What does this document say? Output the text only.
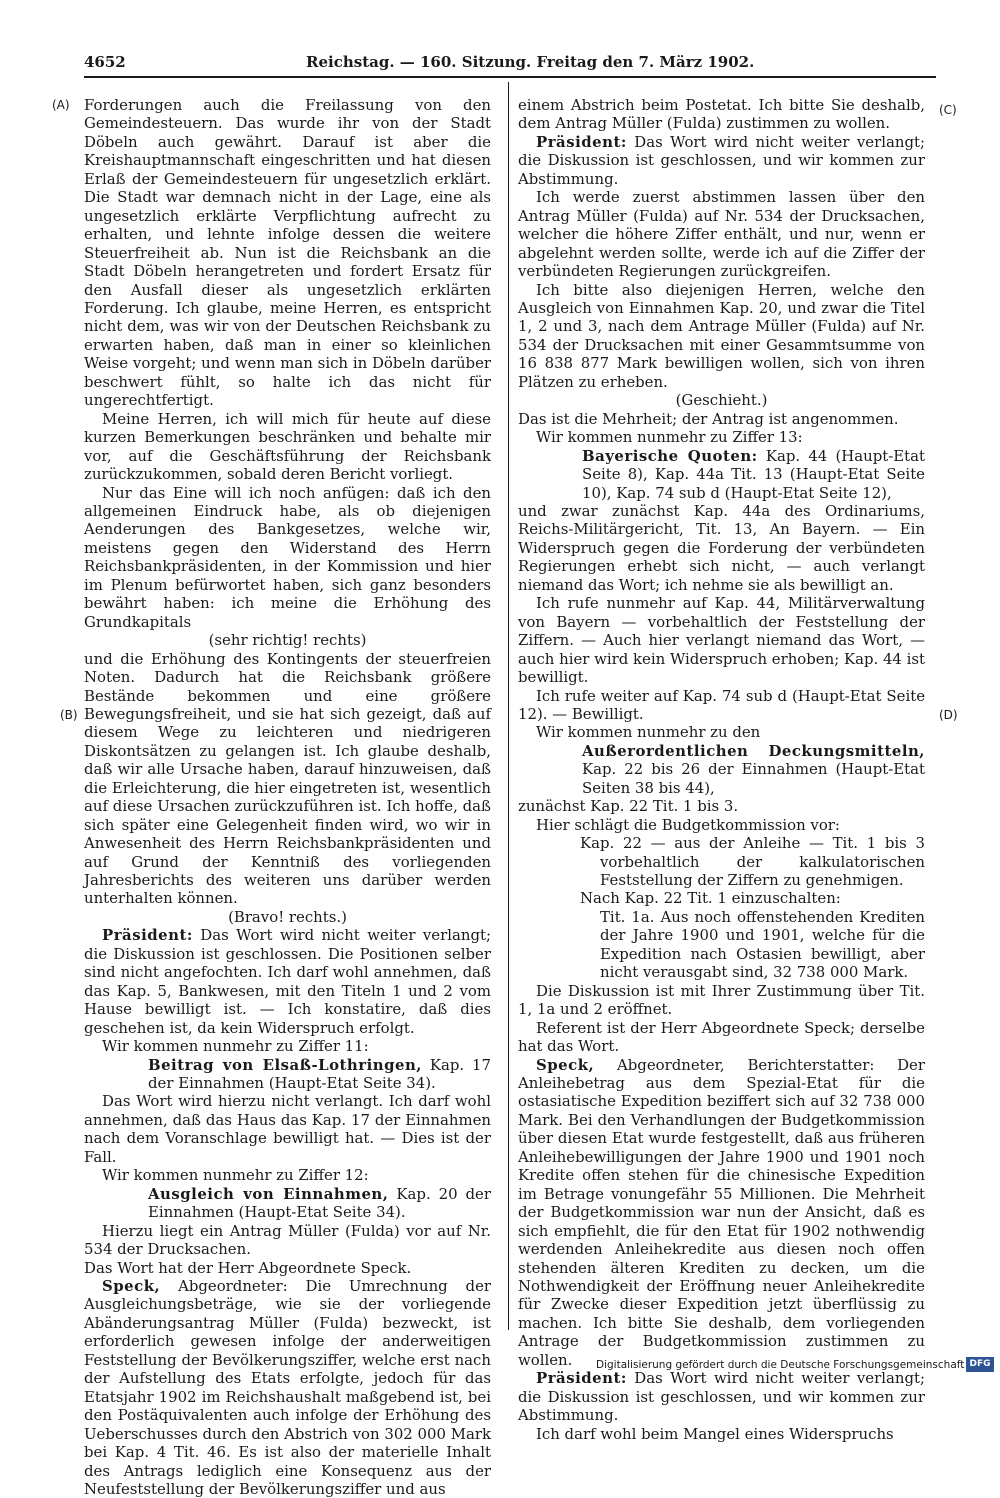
4652	Reichstag. — 160. Sitzung. Freitag den 7. März 1902.
(A)
(B)
(C)
(D)

Forderungen auch die Freilassung von den Gemeindesteuern. Das wurde ihr von der Stadt Döbeln auch gewährt. Darauf ist aber die Kreishauptmannschaft eingeschritten und hat diesen Erlaß der Gemeindesteuern für ungesetzlich erklärt. Die Stadt war demnach nicht in der Lage, eine als ungesetzlich erklärte Verpflichtung aufrecht zu erhalten, und lehnte infolge dessen die weitere Steuerfreiheit ab. Nun ist die Reichsbank an die Stadt Döbeln herangetreten und fordert Ersatz für den Ausfall dieser als ungesetzlich erklärten Forderung. Ich glaube, meine Herren, es entspricht nicht dem, was wir von der Deutschen Reichsbank zu erwarten haben, daß man in einer so kleinlichen Weise vorgeht; und wenn man sich in Döbeln darüber beschwert fühlt, so halte ich das nicht für ungerechtfertigt.

Meine Herren, ich will mich für heute auf diese kurzen Bemerkungen beschränken und behalte mir vor, auf die Geschäftsführung der Reichsbank zurückzukommen, sobald deren Bericht vorliegt.

Nur das Eine will ich noch anfügen: daß ich den allgemeinen Eindruck habe, als ob diejenigen Aenderungen des Bankgesetzes, welche wir, meistens gegen den Widerstand des Herrn Reichsbankpräsidenten, in der Kommission und hier im Plenum befürwortet haben, sich ganz besonders bewährt haben: ich meine die Erhöhung des Grundkapitals

(sehr richtig! rechts)

und die Erhöhung des Kontingents der steuerfreien Noten. Dadurch hat die Reichsbank größere Bestände bekommen und eine größere Bewegungsfreiheit, und sie hat sich gezeigt, daß auf diesem Wege zu leichteren und niedrigeren Diskontsätzen zu gelangen ist. Ich glaube deshalb, daß wir alle Ursache haben, darauf hinzuweisen, daß die Erleichterung, die hier eingetreten ist, wesentlich auf diese Ursachen zurückzuführen ist. Ich hoffe, daß sich später eine Gelegenheit finden wird, wo wir in Anwesenheit des Herrn Reichsbankpräsidenten und auf Grund der Kenntniß des vorliegenden Jahresberichts des weiteren uns darüber werden unterhalten können.

(Bravo! rechts.)

Präsident: Das Wort wird nicht weiter verlangt; die Diskussion ist geschlossen. Die Positionen selber sind nicht angefochten. Ich darf wohl annehmen, daß das Kap. 5, Bankwesen, mit den Titeln 1 und 2 vom Hause bewilligt ist. — Ich konstatire, daß dies geschehen ist, da kein Widerspruch erfolgt.

Wir kommen nunmehr zu Ziffer 11:

Beitrag von Elsaß-Lothringen, Kap. 17 der Einnahmen (Haupt-Etat Seite 34).

Das Wort wird hierzu nicht verlangt. Ich darf wohl annehmen, daß das Haus das Kap. 17 der Einnahmen nach dem Voranschlage bewilligt hat. — Dies ist der Fall.

Wir kommen nunmehr zu Ziffer 12:

Ausgleich von Einnahmen, Kap. 20 der Einnahmen (Haupt-Etat Seite 34).

Hierzu liegt ein Antrag Müller (Fulda) vor auf Nr. 534 der Drucksachen.

Das Wort hat der Herr Abgeordnete Speck.

Speck, Abgeordneter: Die Umrechnung der Ausgleichungsbeträge, wie sie der vorliegende Abänderungsantrag Müller (Fulda) bezweckt, ist erforderlich gewesen infolge der anderweitigen Feststellung der Bevölkerungsziffer, welche erst nach der Aufstellung des Etats erfolgte, jedoch für das Etatsjahr 1902 im Reichshaushalt maßgebend ist, bei den Postäquivalenten auch infolge der Erhöhung des Ueberschusses durch den Abstrich von 302 000 Mark bei Kap. 4 Tit. 46. Es ist also der materielle Inhalt des Antrags lediglich eine Konsequenz aus der Neufeststellung der Bevölkerungsziffer und aus

einem Abstrich beim Postetat. Ich bitte Sie deshalb, dem Antrag Müller (Fulda) zustimmen zu wollen.

Präsident: Das Wort wird nicht weiter verlangt; die Diskussion ist geschlossen, und wir kommen zur Abstimmung.

Ich werde zuerst abstimmen lassen über den Antrag Müller (Fulda) auf Nr. 534 der Drucksachen, welcher die höhere Ziffer enthält, und nur, wenn er abgelehnt werden sollte, werde ich auf die Ziffer der verbündeten Regierungen zurückgreifen.

Ich bitte also diejenigen Herren, welche den Ausgleich von Einnahmen Kap. 20, und zwar die Titel 1, 2 und 3, nach dem Antrage Müller (Fulda) auf Nr. 534 der Drucksachen mit einer Gesammtsumme von 16 838 877 Mark bewilligen wollen, sich von ihren Plätzen zu erheben.

(Geschieht.)

Das ist die Mehrheit; der Antrag ist angenommen.

Wir kommen nunmehr zu Ziffer 13:

Bayerische Quoten: Kap. 44 (Haupt-Etat Seite 8), Kap. 44a Tit. 13 (Haupt-Etat Seite 10), Kap. 74 sub d (Haupt-Etat Seite 12),

und zwar zunächst Kap. 44a des Ordinariums, Reichs-Militärgericht, Tit. 13, An Bayern. — Ein Widerspruch gegen die Forderung der verbündeten Regierungen erhebt sich nicht, — auch verlangt niemand das Wort; ich nehme sie als bewilligt an.

Ich rufe nunmehr auf Kap. 44, Militärverwaltung von Bayern — vorbehaltlich der Feststellung der Ziffern. — Auch hier verlangt niemand das Wort, — auch hier wird kein Widerspruch erhoben; Kap. 44 ist bewilligt.

Ich rufe weiter auf Kap. 74 sub d (Haupt-Etat Seite 12). — Bewilligt.

Wir kommen nunmehr zu den

Außerordentlichen Deckungsmitteln, Kap. 22 bis 26 der Einnahmen (Haupt-Etat Seiten 38 bis 44),

zunächst Kap. 22 Tit. 1 bis 3.

Hier schlägt die Budgetkommission vor:

Kap. 22 — aus der Anleihe — Tit. 1 bis 3 vorbehaltlich der kalkulatorischen Feststellung der Ziffern zu genehmigen.

Nach Kap. 22 Tit. 1 einzuschalten:

Tit. 1a. Aus noch offenstehenden Krediten der Jahre 1900 und 1901, welche für die Expedition nach Ostasien bewilligt, aber nicht verausgabt sind, 32 738 000 Mark.

Die Diskussion ist mit Ihrer Zustimmung über Tit. 1, 1a und 2 eröffnet.

Referent ist der Herr Abgeordnete Speck; derselbe hat das Wort.

Speck, Abgeordneter, Berichterstatter: Der Anleihebetrag aus dem Spezial-Etat für die ostasiatische Expedition beziffert sich auf 32 738 000 Mark. Bei den Verhandlungen der Budgetkommission über diesen Etat wurde festgestellt, daß aus früheren Anleihebewilligungen der Jahre 1900 und 1901 noch Kredite offen stehen für die chinesische Expedition im Betrage vonungefähr 55 Millionen. Die Mehrheit der Budgetkommission war nun der Ansicht, daß es sich empfiehlt, die für den Etat für 1902 nothwendig werdenden Anleihekredite aus diesen noch offen stehenden älteren Krediten zu decken, um die Nothwendigkeit der Eröffnung neuer Anleihekredite für Zwecke dieser Expedition jetzt überflüssig zu machen. Ich bitte Sie deshalb, dem vorliegenden Antrage der Budgetkommission zustimmen zu wollen.

Präsident: Das Wort wird nicht weiter verlangt; die Diskussion ist geschlossen, und wir kommen zur Abstimmung.

Ich darf wohl beim Mangel eines Widerspruchs

Digitalisierung gefördert durch die Deutsche Forschungsgemeinschaft DFG
